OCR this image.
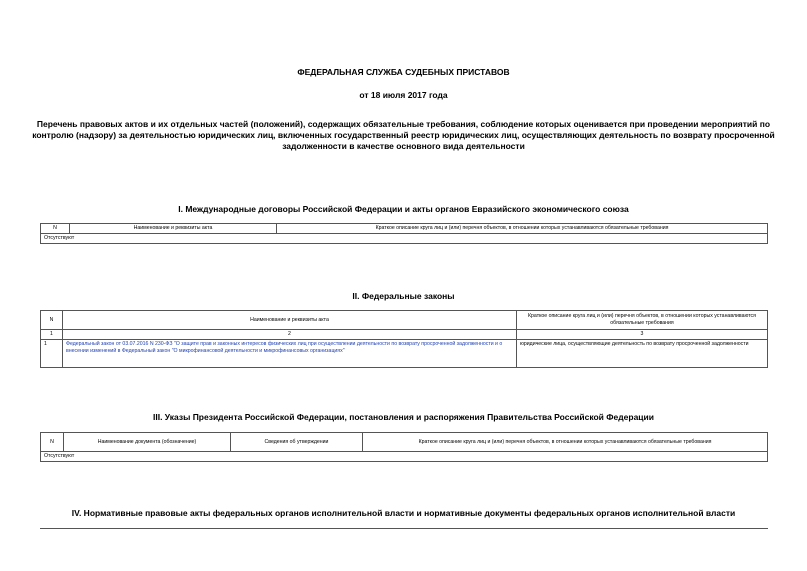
ФЕДЕРАЛЬНАЯ СЛУЖБА СУДЕБНЫХ ПРИСТАВОВ
от 18 июля 2017 года
Перечень правовых актов и их отдельных частей (положений), содержащих обязательные требования, соблюдение которых оценивается при проведении мероприятий по контролю (надзору) за деятельностью юридических лиц, включенных государственный реестр юридических лиц, осуществляющих деятельность по возврату просроченной задолженности в качестве основного вида деятельности
I. Международные договоры Российской Федерации и акты органов Евразийского экономического союза
N	Наименование и реквизиты акта	Краткое описание круга лиц и (или) перечня объектов, в отношении которых устанавливаются обязательные требования
Отсутствуют
II. Федеральные законы
N	Наименование и реквизиты акта	Краткое описание круга лиц и (или) перечня объектов, в отношении которых устанавливаются обязательные требования
1	2	3
1	Федеральный закон от 03.07.2016 N 230-ФЗ "О защите прав и законных интересов физических лиц при осуществлении деятельности по возврату просроченной задолженности и о внесении изменений в Федеральный закон "О микрофинансовой деятельности и микрофинансовых организациях"	юридические лица, осуществляющие деятельность по возврату просроченной задолженности
III. Указы Президента Российской Федерации, постановления и распоряжения Правительства Российской Федерации
N	Наименование документа (обозначение)	Сведения об утверждении	Краткое описание круга лиц и (или) перечня объектов, в отношении которых устанавливаются обязательные требования
Отсутствуют
IV. Нормативные правовые акты федеральных органов исполнительной власти и нормативные документы федеральных органов исполнительной власти
